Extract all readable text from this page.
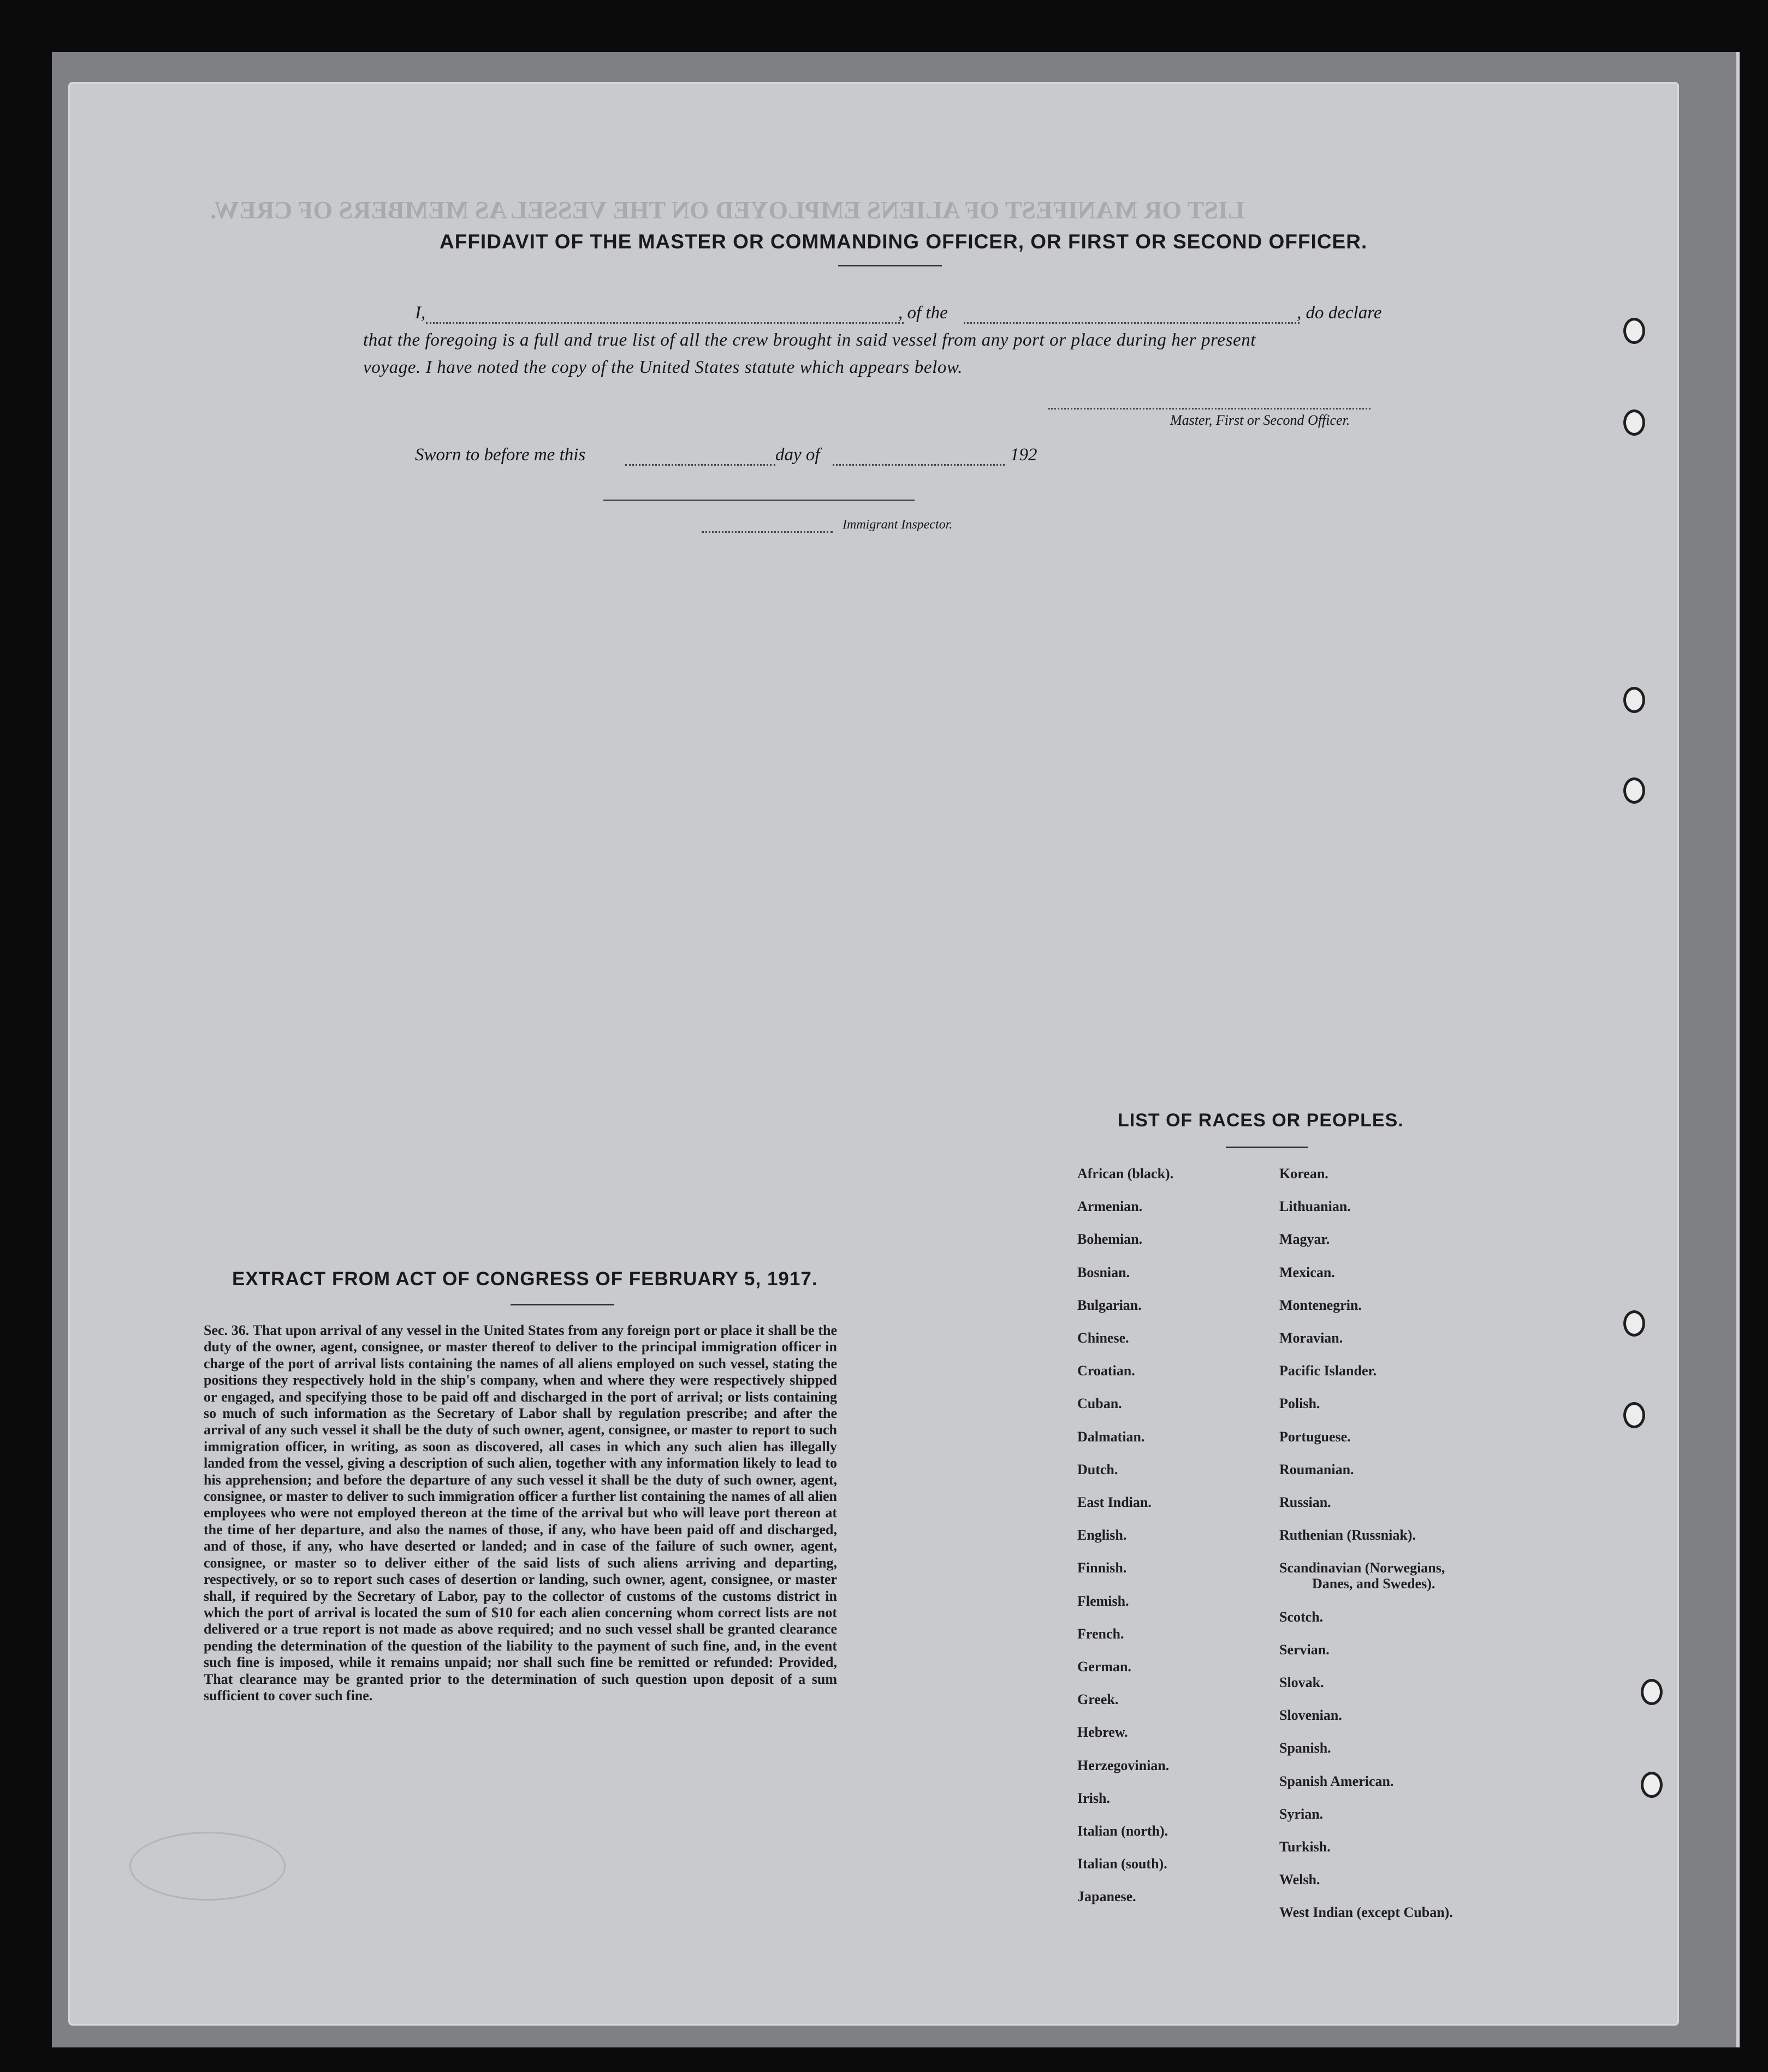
LIST OR MANIFEST OF ALIENS EMPLOYED ON THE VESSEL AS MEMBERS OF CREW.
AFFIDAVIT OF THE MASTER OR COMMANDING OFFICER, OR FIRST OR SECOND OFFICER.
I,	, of the	, do declare
that the foregoing is a full and true list of all the crew brought in said vessel from any port or place during her present
voyage. I have noted the copy of the United States statute which appears below.
Master, First or Second Officer.
Sworn to before me this	day of	192
Immigrant Inspector.
LIST OF RACES OR PEOPLES.
African (black).
Armenian.
Bohemian.
Bosnian.
Bulgarian.
Chinese.
Croatian.
Cuban.
Dalmatian.
Dutch.
East Indian.
English.
Finnish.
Flemish.
French.
German.
Greek.
Hebrew.
Herzegovinian.
Irish.
Italian (north).
Italian (south).
Japanese.
Korean.
Lithuanian.
Magyar.
Mexican.
Montenegrin.
Moravian.
Pacific Islander.
Polish.
Portuguese.
Roumanian.
Russian.
Ruthenian (Russniak).
Scandinavian (Norwegians,
Danes, and Swedes).
Scotch.
Servian.
Slovak.
Slovenian.
Spanish.
Spanish American.
Syrian.
Turkish.
Welsh.
West Indian (except Cuban).
EXTRACT FROM ACT OF CONGRESS OF FEBRUARY 5, 1917.
Sec. 36. That upon arrival of any vessel in the United States from any foreign port or place it shall be the duty of the owner, agent, consignee, or master thereof to deliver to the principal immigration officer in charge of the port of arrival lists containing the names of all aliens employed on such vessel, stating the positions they respectively hold in the ship's company, when and where they were respectively shipped or engaged, and specifying those to be paid off and discharged in the port of arrival; or lists containing so much of such information as the Secretary of Labor shall by regulation prescribe; and after the arrival of any such vessel it shall be the duty of such owner, agent, consignee, or master to report to such immigration officer, in writing, as soon as discovered, all cases in which any such alien has illegally landed from the vessel, giving a description of such alien, together with any information likely to lead to his apprehension; and before the departure of any such vessel it shall be the duty of such owner, agent, consignee, or master to deliver to such immigration officer a further list containing the names of all alien employees who were not employed thereon at the time of the arrival but who will leave port thereon at the time of her departure, and also the names of those, if any, who have been paid off and discharged, and of those, if any, who have deserted or landed; and in case of the failure of such owner, agent, consignee, or master so to deliver either of the said lists of such aliens arriving and departing, respectively, or so to report such cases of desertion or landing, such owner, agent, consignee, or master shall, if required by the Secretary of Labor, pay to the collector of customs of the customs district in which the port of arrival is located the sum of $10 for each alien concerning whom correct lists are not delivered or a true report is not made as above required; and no such vessel shall be granted clearance pending the determination of the question of the liability to the payment of such fine, and, in the event such fine is imposed, while it remains unpaid; nor shall such fine be remitted or refunded: Provided, That clearance may be granted prior to the determination of such question upon deposit of a sum sufficient to cover such fine.
